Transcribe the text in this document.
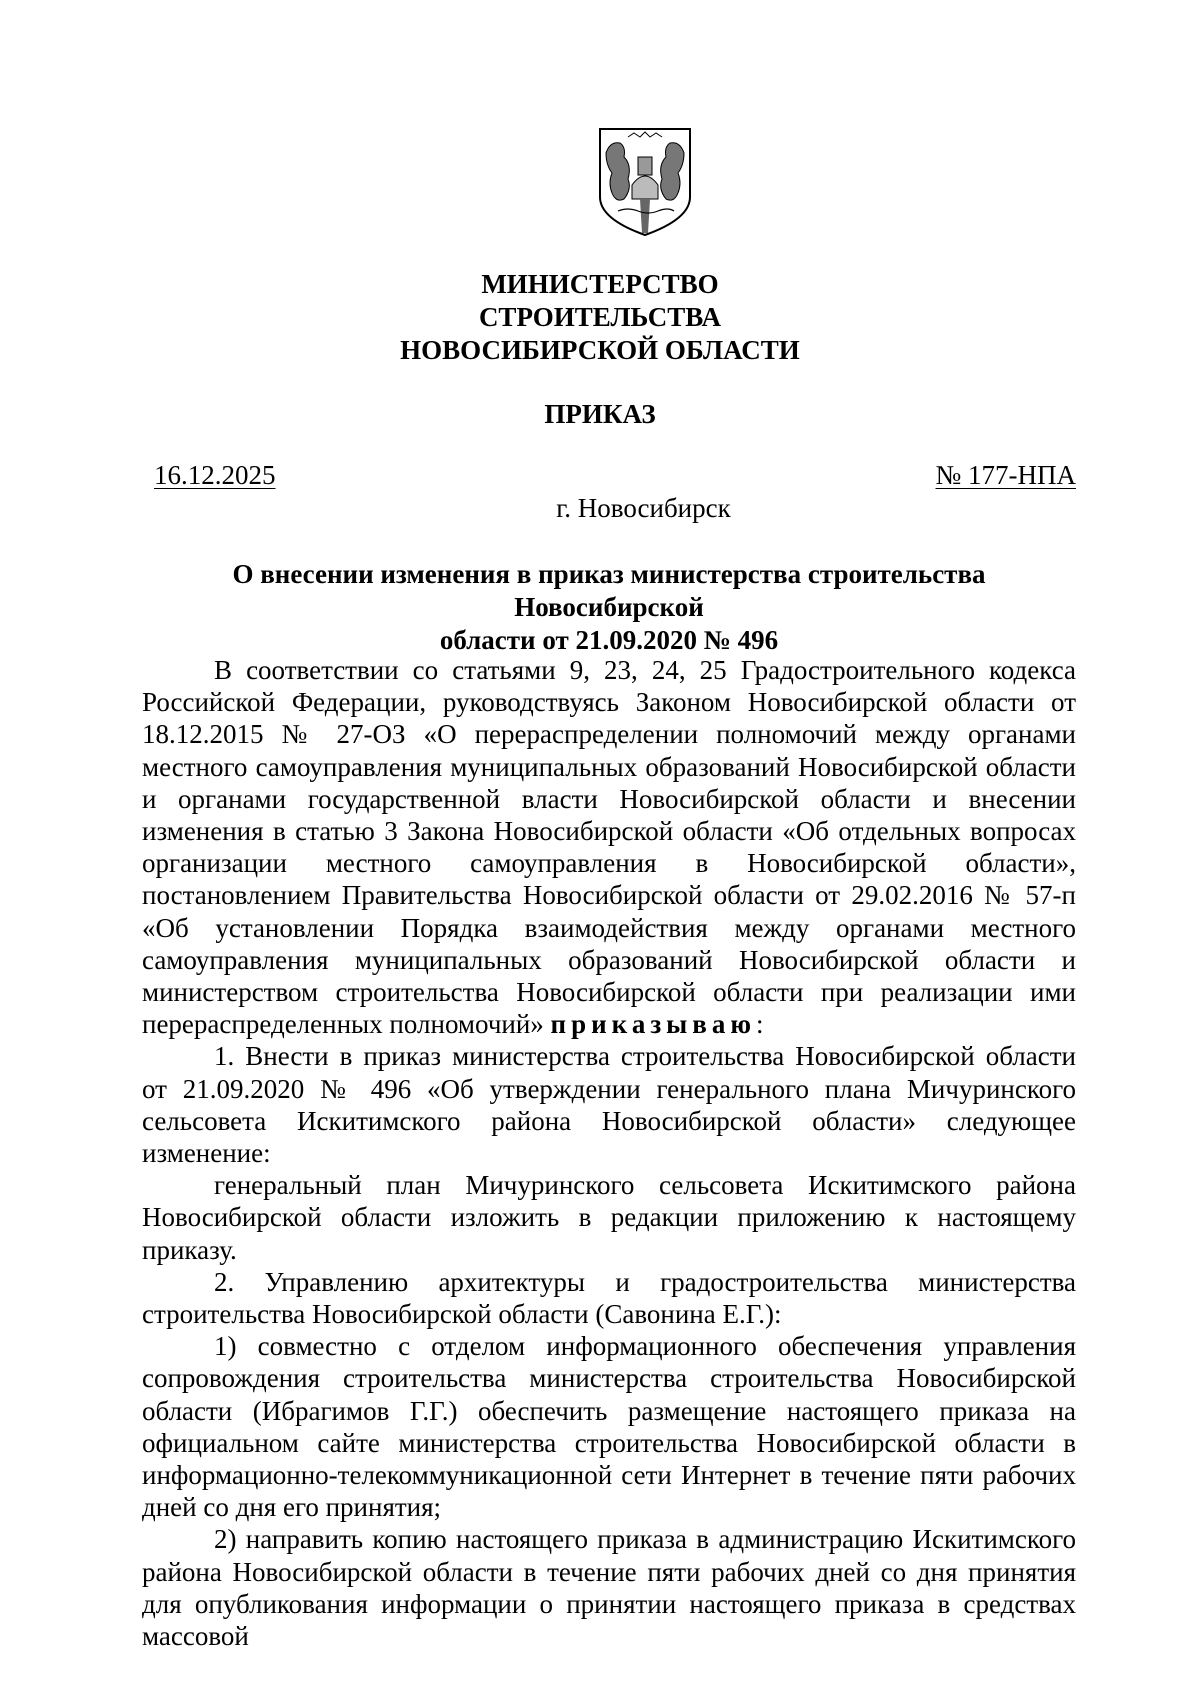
МИНИСТЕРСТВО
СТРОИТЕЛЬСТВА
НОВОСИБИРСКОЙ ОБЛАСТИ
ПРИКАЗ
16.12.2025	№ 177-НПА
г. Новосибирск
О внесении изменения в приказ министерства строительства Новосибирской
области от 21.09.2020 № 496

В соответствии со статьями 9, 23, 24, 25 Градостроительного кодекса Российской Федерации, руководствуясь Законом Новосибирской области от 18.12.2015 № 27-ОЗ «О перераспределении полномочий между органами местного самоуправления муниципальных образований Новосибирской области и органами государственной власти Новосибирской области и внесении изменения в статью 3 Закона Новосибирской области «Об отдельных вопросах организации местного самоуправления в Новосибирской области», постановлением Правительства Новосибирской области от 29.02.2016 № 57-п «Об установлении Порядка взаимодействия между органами местного самоуправления муниципальных образований Новосибирской области и министерством строительства Новосибирской области при реализации ими перераспределенных полномочий» приказываю:

1. Внести в приказ министерства строительства Новосибирской области от 21.09.2020 № 496 «Об утверждении генерального плана Мичуринского сельсовета Искитимского района Новосибирской области» следующее изменение:

генеральный план Мичуринского сельсовета Искитимского района Новосибирской области изложить в редакции приложению к настоящему приказу.

2. Управлению архитектуры и градостроительства министерства строительства Новосибирской области (Савонина Е.Г.):

1) совместно с отделом информационного обеспечения управления сопровождения строительства министерства строительства Новосибирской области (Ибрагимов Г.Г.) обеспечить размещение настоящего приказа на официальном сайте министерства строительства Новосибирской области в информационно-телекоммуникационной сети Интернет в течение пяти рабочих дней со дня его принятия;

2) направить копию настоящего приказа в администрацию Искитимского района Новосибирской области в течение пяти рабочих дней со дня принятия для опубликования информации о принятии настоящего приказа в средствах массовой
